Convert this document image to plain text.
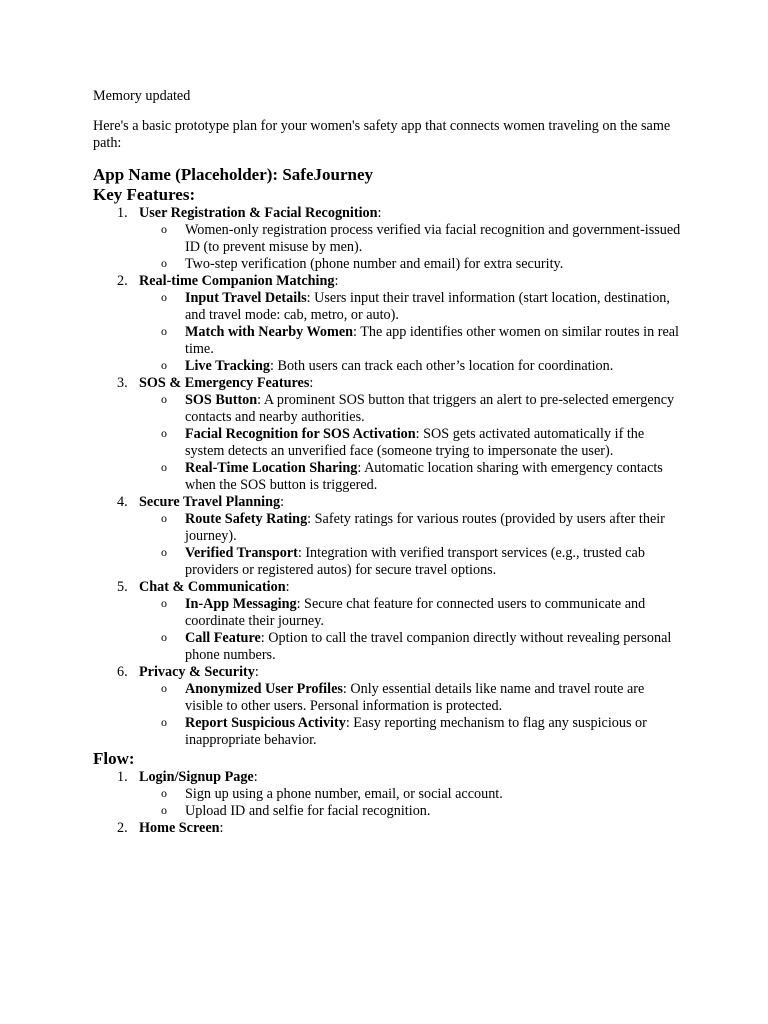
Memory updated

Here's a basic prototype plan for your women's safety app that connects women traveling on the same path:

App Name (Placeholder): SafeJourney
Key Features:
1. User Registration & Facial Recognition:
o Women-only registration process verified via facial recognition and government-issued ID (to prevent misuse by men).
o Two-step verification (phone number and email) for extra security.
2. Real-time Companion Matching:
o Input Travel Details: Users input their travel information (start location, destination, and travel mode: cab, metro, or auto).
o Match with Nearby Women: The app identifies other women on similar routes in real time.
o Live Tracking: Both users can track each other’s location for coordination.
3. SOS & Emergency Features:
o SOS Button: A prominent SOS button that triggers an alert to pre-selected emergency contacts and nearby authorities.
o Facial Recognition for SOS Activation: SOS gets activated automatically if the system detects an unverified face (someone trying to impersonate the user).
o Real-Time Location Sharing: Automatic location sharing with emergency contacts when the SOS button is triggered.
4. Secure Travel Planning:
o Route Safety Rating: Safety ratings for various routes (provided by users after their journey).
o Verified Transport: Integration with verified transport services (e.g., trusted cab providers or registered autos) for secure travel options.
5. Chat & Communication:
o In-App Messaging: Secure chat feature for connected users to communicate and coordinate their journey.
o Call Feature: Option to call the travel companion directly without revealing personal phone numbers.
6. Privacy & Security:
o Anonymized User Profiles: Only essential details like name and travel route are visible to other users. Personal information is protected.
o Report Suspicious Activity: Easy reporting mechanism to flag any suspicious or inappropriate behavior.
Flow:
1. Login/Signup Page:
o Sign up using a phone number, email, or social account.
o Upload ID and selfie for facial recognition.
2. Home Screen:
